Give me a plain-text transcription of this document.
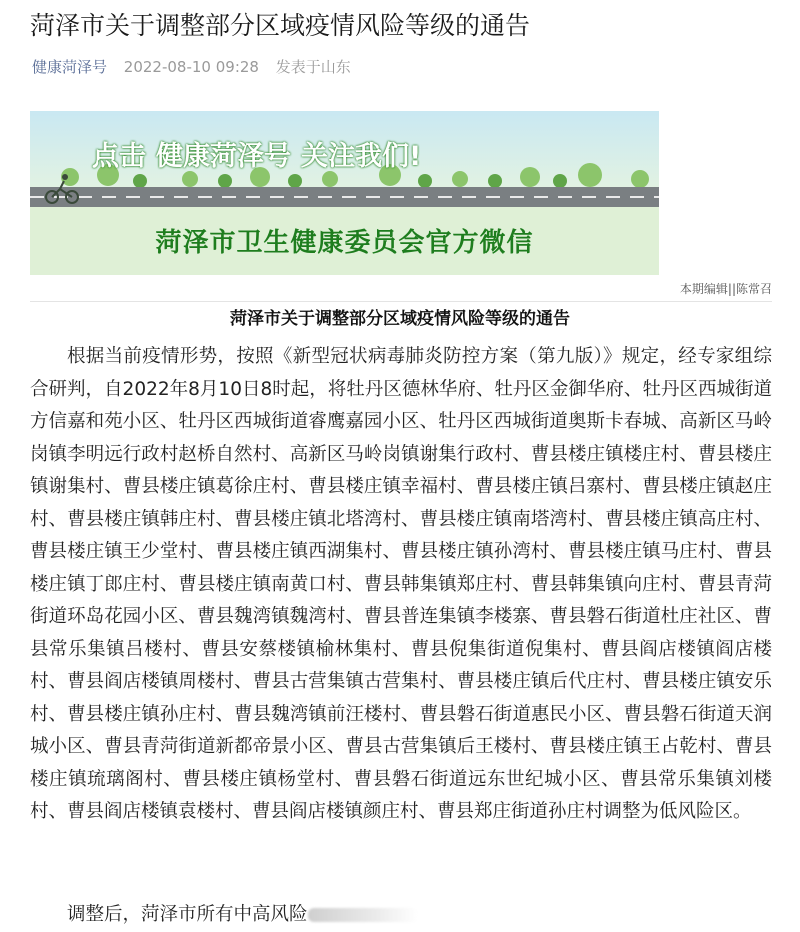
菏泽市关于调整部分区域疫情风险等级的通告
健康菏泽号 2022-08-10 09:28 发表于山东
点击 健康菏泽号 关注我们!
菏泽市卫生健康委员会官方微信
本期编辑||陈常召
菏泽市关于调整部分区域疫情风险等级的通告

根据当前疫情形势，按照《新型冠状病毒肺炎防控方案（第九版）》规定，经专家组综合研判，自2022年8月10日8时起，将牡丹区德林华府、牡丹区金御华府、牡丹区西城街道方信嘉和苑小区、牡丹区西城街道睿鹰嘉园小区、牡丹区西城街道奥斯卡春城、高新区马岭岗镇李明远行政村赵桥自然村、高新区马岭岗镇谢集行政村、曹县楼庄镇楼庄村、曹县楼庄镇谢集村、曹县楼庄镇葛徐庄村、曹县楼庄镇幸福村、曹县楼庄镇吕寨村、曹县楼庄镇赵庄村、曹县楼庄镇韩庄村、曹县楼庄镇北塔湾村、曹县楼庄镇南塔湾村、曹县楼庄镇高庄村、曹县楼庄镇王少堂村、曹县楼庄镇西湖集村、曹县楼庄镇孙湾村、曹县楼庄镇马庄村、曹县楼庄镇丁郎庄村、曹县楼庄镇南黄口村、曹县韩集镇郑庄村、曹县韩集镇向庄村、曹县青菏街道环岛花园小区、曹县魏湾镇魏湾村、曹县普连集镇李楼寨、曹县磐石街道杜庄社区、曹县常乐集镇吕楼村、曹县安蔡楼镇榆林集村、曹县倪集街道倪集村、曹县阎店楼镇阎店楼村、曹县阎店楼镇周楼村、曹县古营集镇古营集村、曹县楼庄镇后代庄村、曹县楼庄镇安乐村、曹县楼庄镇孙庄村、曹县魏湾镇前汪楼村、曹县磐石街道惠民小区、曹县磐石街道天润城小区、曹县青菏街道新都帝景小区、曹县古营集镇后王楼村、曹县楼庄镇王占乾村、曹县楼庄镇琉璃阁村、曹县楼庄镇杨堂村、曹县磐石街道远东世纪城小区、曹县常乐集镇刘楼村、曹县阎店楼镇袁楼村、曹县阎店楼镇颜庄村、曹县郑庄街道孙庄村调整为低风险区。

调整后，菏泽市所有中高风险
